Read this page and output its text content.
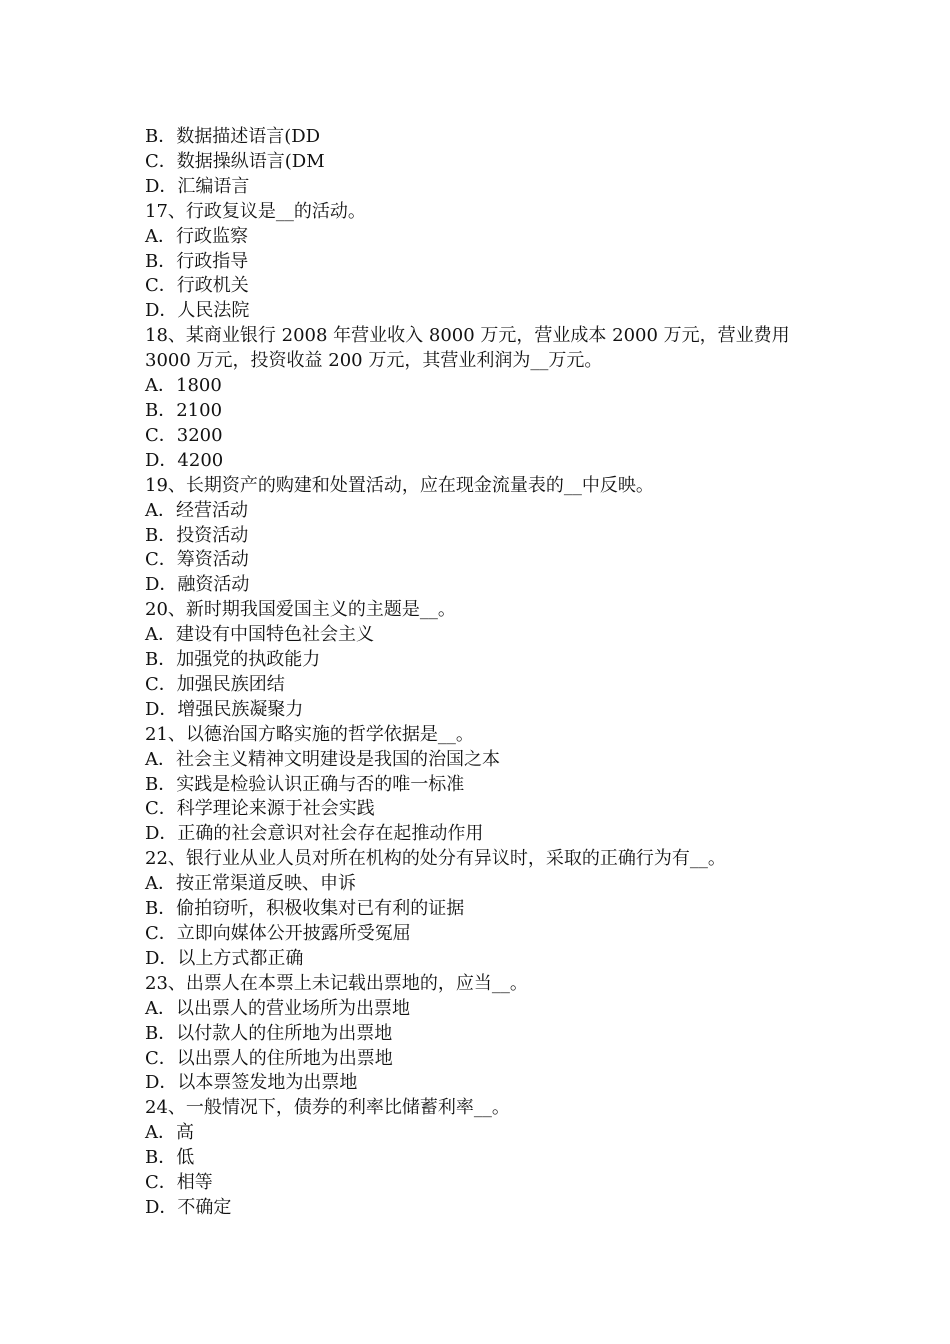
B．数据描述语言(DD

C．数据操纵语言(DM

D．汇编语言

17、行政复议是__的活动。

A．行政监察

B．行政指导

C．行政机关

D．人民法院

18、某商业银行 2008 年营业收入 8000 万元，营业成本 2000 万元，营业费用

3000 万元，投资收益 200 万元，其营业利润为__万元。

A．1800

B．2100

C．3200

D．4200

19、长期资产的购建和处置活动，应在现金流量表的__中反映。

A．经营活动

B．投资活动

C．筹资活动

D．融资活动

20、新时期我国爱国主义的主题是__。

A．建设有中国特色社会主义

B．加强党的执政能力

C．加强民族团结

D．增强民族凝聚力

21、以德治国方略实施的哲学依据是__。

A．社会主义精神文明建设是我国的治国之本

B．实践是检验认识正确与否的唯一标准

C．科学理论来源于社会实践

D．正确的社会意识对社会存在起推动作用

22、银行业从业人员对所在机构的处分有异议时，采取的正确行为有__。

A．按正常渠道反映、申诉

B．偷拍窃听，积极收集对已有利的证据

C．立即向媒体公开披露所受冤屈

D．以上方式都正确

23、出票人在本票上未记载出票地的，应当__。

A．以出票人的营业场所为出票地

B．以付款人的住所地为出票地

C．以出票人的住所地为出票地

D．以本票签发地为出票地

24、一般情况下，债券的利率比储蓄利率__。

A．高

B．低

C．相等

D．不确定
